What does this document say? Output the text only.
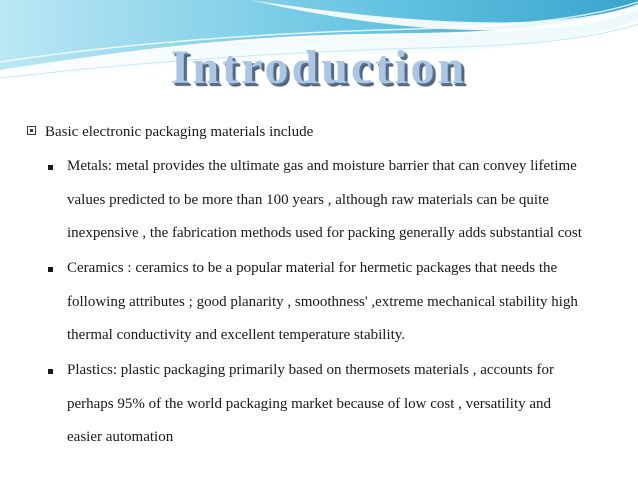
Introduction
Basic electronic packaging materials include
Metals: metal provides the ultimate gas and moisture barrier that can convey lifetime
values predicted to be more than 100 years , although raw materials can be quite
inexpensive , the fabrication methods used for packing generally adds substantial cost
Ceramics : ceramics to be a popular material for hermetic packages that needs the
following attributes ; good planarity , smoothness' ,extreme mechanical stability high
thermal conductivity and excellent temperature stability.
Plastics: plastic packaging primarily based on thermosets materials , accounts for
perhaps 95% of the world packaging market because of low cost , versatility and
easier automation
